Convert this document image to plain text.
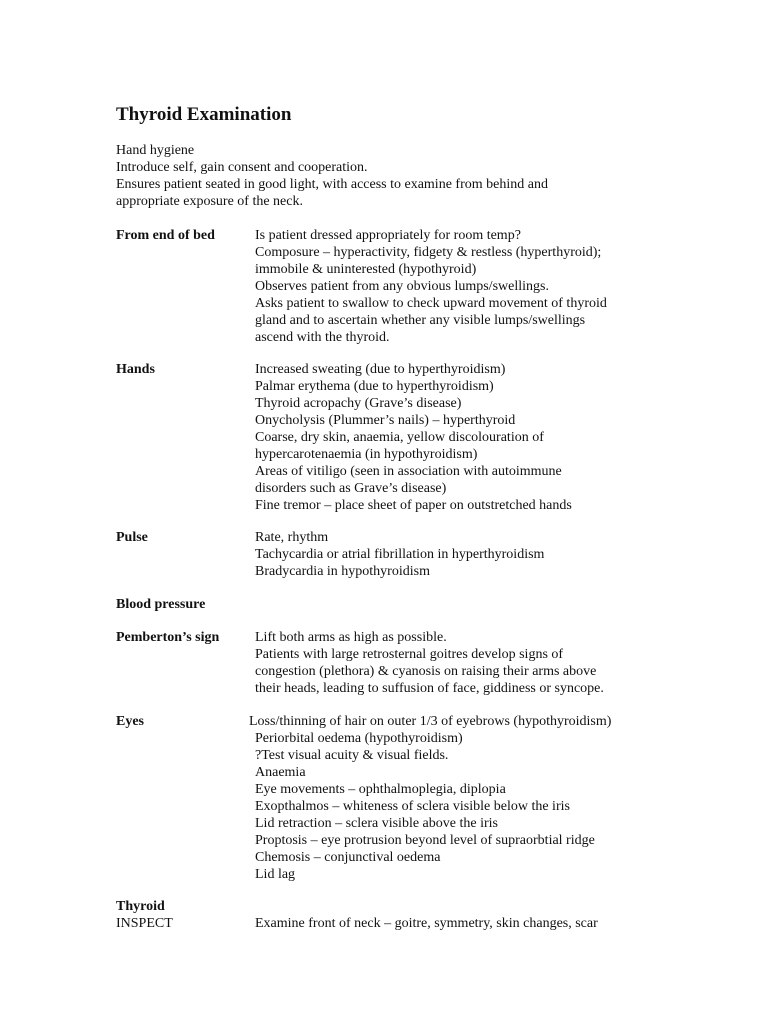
Thyroid Examination
Hand hygiene
Introduce self, gain consent and cooperation.
Ensures patient seated in good light, with access to examine from behind and
appropriate exposure of the neck.
From end of bed	Is patient dressed appropriately for room temp?
Composure – hyperactivity, fidgety & restless (hyperthyroid);
immobile & uninterested (hypothyroid)
Observes patient from any obvious lumps/swellings.
Asks patient to swallow to check upward movement of thyroid
gland and to ascertain whether any visible lumps/swellings
ascend with the thyroid.
Hands	Increased sweating (due to hyperthyroidism)
Palmar erythema (due to hyperthyroidism)
Thyroid acropachy (Grave’s disease)
Onycholysis (Plummer’s nails) – hyperthyroid
Coarse, dry skin, anaemia, yellow discolouration of
hypercarotenaemia (in hypothyroidism)
Areas of vitiligo (seen in association with autoimmune
disorders such as Grave’s disease)
Fine tremor – place sheet of paper on outstretched hands
Pulse	Rate, rhythm
Tachycardia or atrial fibrillation in hyperthyroidism
Bradycardia in hypothyroidism
Blood pressure
Pemberton’s sign	Lift both arms as high as possible.
Patients with large retrosternal goitres develop signs of
congestion (plethora) & cyanosis on raising their arms above
their heads, leading to suffusion of face, giddiness or syncope.
Eyes	Loss/thinning of hair on outer 1/3 of eyebrows (hypothyroidism)
Periorbital oedema (hypothyroidism)
?Test visual acuity & visual fields.
Anaemia
Eye movements – ophthalmoplegia, diplopia
Exopthalmos – whiteness of sclera visible below the iris
Lid retraction – sclera visible above the iris
Proptosis – eye protrusion beyond level of supraorbtial ridge
Chemosis – conjunctival oedema
Lid lag
Thyroid
INSPECT	Examine front of neck – goitre, symmetry, skin changes, scar
